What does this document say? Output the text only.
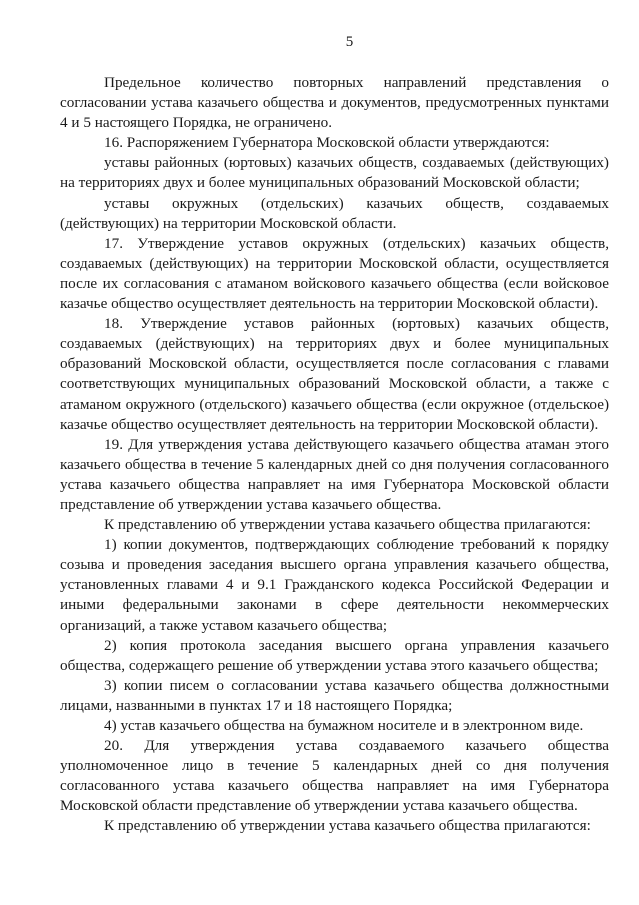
5

Предельное количество повторных направлений представления о согласовании устава казачьего общества и документов, предусмотренных пунктами 4 и 5 настоящего Порядка, не ограничено.

16. Распоряжением Губернатора Московской области утверждаются:

уставы районных (юртовых) казачьих обществ, создаваемых (действующих) на территориях двух и более муниципальных образований Московской области;

уставы окружных (отдельских) казачьих обществ, создаваемых (действующих) на территории Московской области.

17. Утверждение уставов окружных (отдельских) казачьих обществ, создаваемых (действующих) на территории Московской области, осуществляется после их согласования с атаманом войскового казачьего общества (если войсковое казачье общество осуществляет деятельность на территории Московской области).

18. Утверждение уставов районных (юртовых) казачьих обществ, создаваемых (действующих) на территориях двух и более муниципальных образований Московской области, осуществляется после согласования с главами соответствующих муниципальных образований Московской области, а также с атаманом окружного (отдельского) казачьего общества (если окружное (отдельское) казачье общество осуществляет деятельность на территории Московской области).

19. Для утверждения устава действующего казачьего общества атаман этого казачьего общества в течение 5 календарных дней со дня получения согласованного устава казачьего общества направляет на имя Губернатора Московской области представление об утверждении устава казачьего общества.

К представлению об утверждении устава казачьего общества прилагаются:

1) копии документов, подтверждающих соблюдение требований к порядку созыва и проведения заседания высшего органа управления казачьего общества, установленных главами 4 и 9.1 Гражданского кодекса Российской Федерации и иными федеральными законами в сфере деятельности некоммерческих организаций, а также уставом казачьего общества;

2) копия протокола заседания высшего органа управления казачьего общества, содержащего решение об утверждении устава этого казачьего общества;

3) копии писем о согласовании устава казачьего общества должностными лицами, названными в пунктах 17 и 18 настоящего Порядка;

4) устав казачьего общества на бумажном носителе и в электронном виде.

20. Для утверждения устава создаваемого казачьего общества уполномоченное лицо в течение 5 календарных дней со дня получения согласованного устава казачьего общества направляет на имя Губернатора Московской области представление об утверждении устава казачьего общества.

К представлению об утверждении устава казачьего общества прилагаются:
